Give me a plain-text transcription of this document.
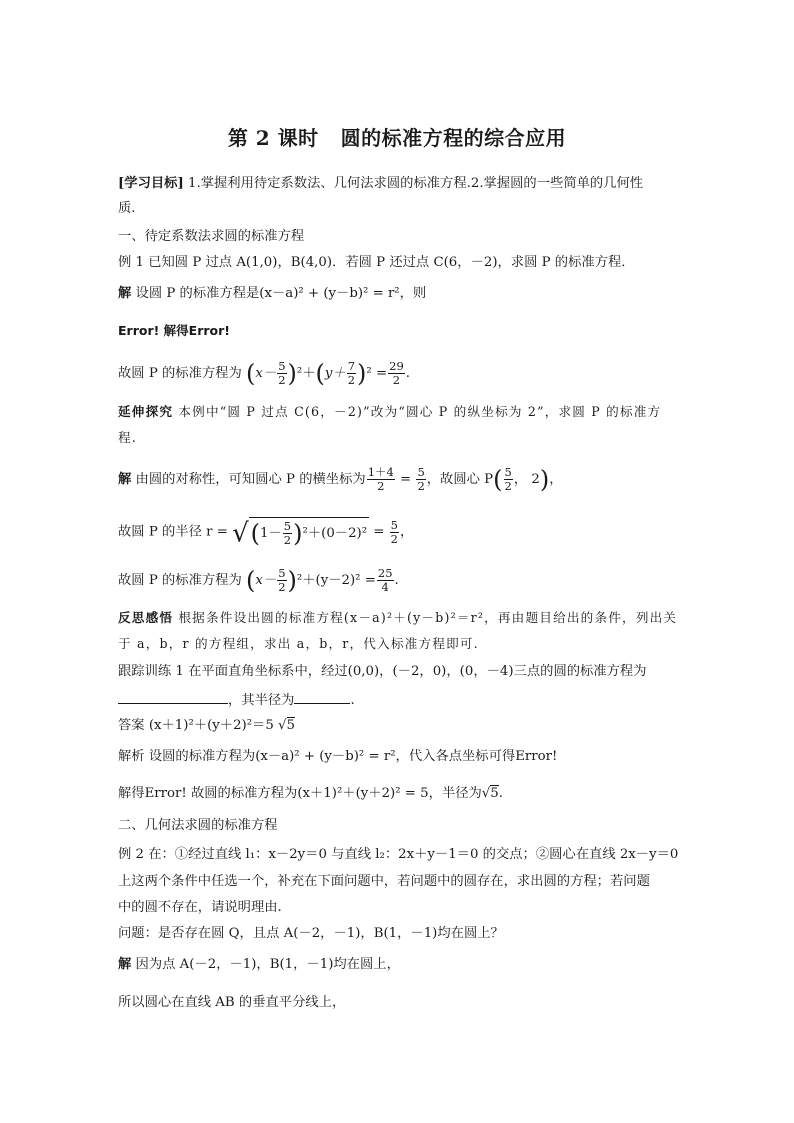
第 2 课时 圆的标准方程的综合应用
[学习目标] 1.掌握利用待定系数法、几何法求圆的标准方程.2.掌握圆的一些简单的几何性
质.
一、待定系数法求圆的标准方程
例 1 已知圆 P 过点 A(1,0)，B(4,0)．若圆 P 还过点 C(6，－2)，求圆 P 的标准方程．
解 设圆 P 的标准方程是(x－a)² + (y－b)² = r²，则
Error! 解得Error!
故圆 P 的标准方程为 $(x- \frac{5}{2} )^2+(y+ \frac{7}{2} )^2 = \frac{29}{2}$ .
延伸探究 本例中“圆 P 过点 C(6，－2)”改为“圆心 P 的纵坐标为 2”，求圆 P 的标准方
程.
解 由圆的对称性，可知圆心 P 的横坐标为 $\frac{1+4}{2} = \frac{5}{2}$ ，故圆心 $P( \frac{5}{2}$ ， 2)，
故圆 P 的半径 $r = √(1- \frac{5}{2} )^2+(0-2)^2 = \frac{5}{2}$ ，
故圆 P 的标准方程为 $(x- \frac{5}{2} )^2+(y-2)^2 = \frac{25}{4}$ .
反思感悟 根据条件设出圆的标准方程(x－a)²＋(y－b)²＝r²，再由题目给出的条件，列出关
于 a，b，r 的方程组，求出 a，b，r，代入标准方程即可.
跟踪训练 1 在平面直角坐标系中，经过(0,0)，(－2，0)，(0，－4)三点的圆的标准方程为
，其半径为	.
答案 (x＋1)²＋(y＋2)²＝5 √5
解析 设圆的标准方程为(x－a)² + (y－b)² = r²，代入各点坐标可得Error!
解得Error! 故圆的标准方程为(x＋1)²＋(y＋2)² = 5，半径为√5.
二、几何法求圆的标准方程
例 2 在：①经过直线 l₁：x－2y＝0 与直线 l₂：2x＋y－1＝0 的交点；②圆心在直线 2x－y＝0
上这两个条件中任选一个，补充在下面问题中，若问题中的圆存在，求出圆的方程；若问题
中的圆不存在，请说明理由.
问题：是否存在圆 Q，且点 A(－2，－1)，B(1，－1)均在圆上？
解 因为点 A(－2，－1)，B(1，－1)均在圆上，
所以圆心在直线 AB 的垂直平分线上，
